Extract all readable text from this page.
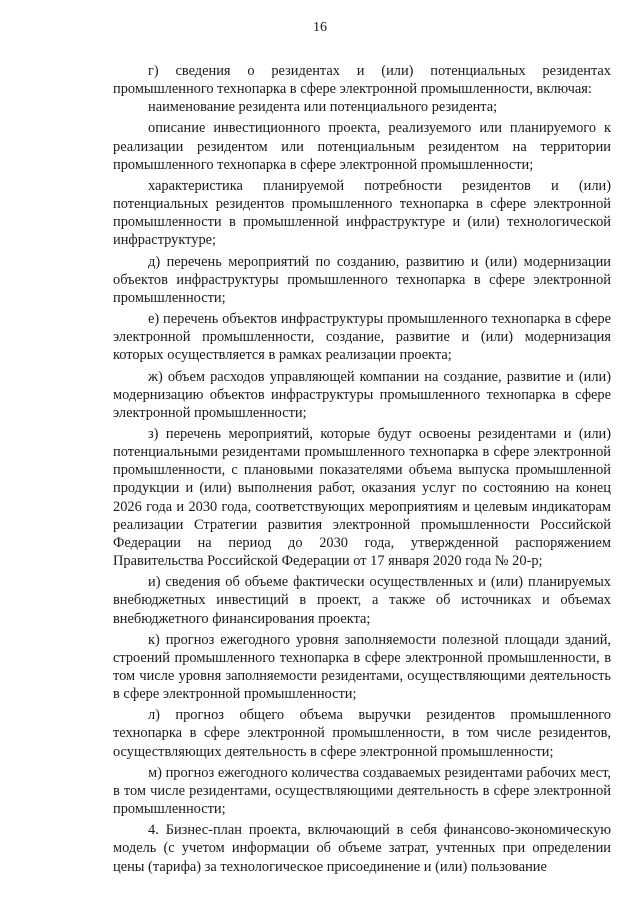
16

г) сведения о резидентах и (или) потенциальных резидентах промышленного технопарка в сфере электронной промышленности, включая:

наименование резидента или потенциального резидента;

описание инвестиционного проекта, реализуемого или планируемого к реализации резидентом или потенциальным резидентом на территории промышленного технопарка в сфере электронной промышленности;

характеристика планируемой потребности резидентов и (или) потенциальных резидентов промышленного технопарка в сфере электронной промышленности в промышленной инфраструктуре и (или) технологической инфраструктуре;

д) перечень мероприятий по созданию, развитию и (или) модернизации объектов инфраструктуры промышленного технопарка в сфере электронной промышленности;

е) перечень объектов инфраструктуры промышленного технопарка в сфере электронной промышленности, создание, развитие и (или) модернизация которых осуществляется в рамках реализации проекта;

ж) объем расходов управляющей компании на создание, развитие и (или) модернизацию объектов инфраструктуры промышленного технопарка в сфере электронной промышленности;

з) перечень мероприятий, которые будут освоены резидентами и (или) потенциальными резидентами промышленного технопарка в сфере электронной промышленности, с плановыми показателями объема выпуска промышленной продукции и (или) выполнения работ, оказания услуг по состоянию на конец 2026 года и 2030 года, соответствующих мероприятиям и целевым индикаторам реализации Стратегии развития электронной промышленности Российской Федерации на период до 2030 года, утвержденной распоряжением Правительства Российской Федерации от 17 января 2020 года № 20-р;

и) сведения об объеме фактически осуществленных и (или) планируемых внебюджетных инвестиций в проект, а также об источниках и объемах внебюджетного финансирования проекта;

к) прогноз ежегодного уровня заполняемости полезной площади зданий, строений промышленного технопарка в сфере электронной промышленности, в том числе уровня заполняемости резидентами, осуществляющими деятельность в сфере электронной промышленности;

л) прогноз общего объема выручки резидентов промышленного технопарка в сфере электронной промышленности, в том числе резидентов, осуществляющих деятельность в сфере электронной промышленности;

м) прогноз ежегодного количества создаваемых резидентами рабочих мест, в том числе резидентами, осуществляющими деятельность в сфере электронной промышленности;

4. Бизнес-план проекта, включающий в себя финансово-экономическую модель (с учетом информации об объеме затрат, учтенных при определении цены (тарифа) за технологическое присоединение и (или) пользование
